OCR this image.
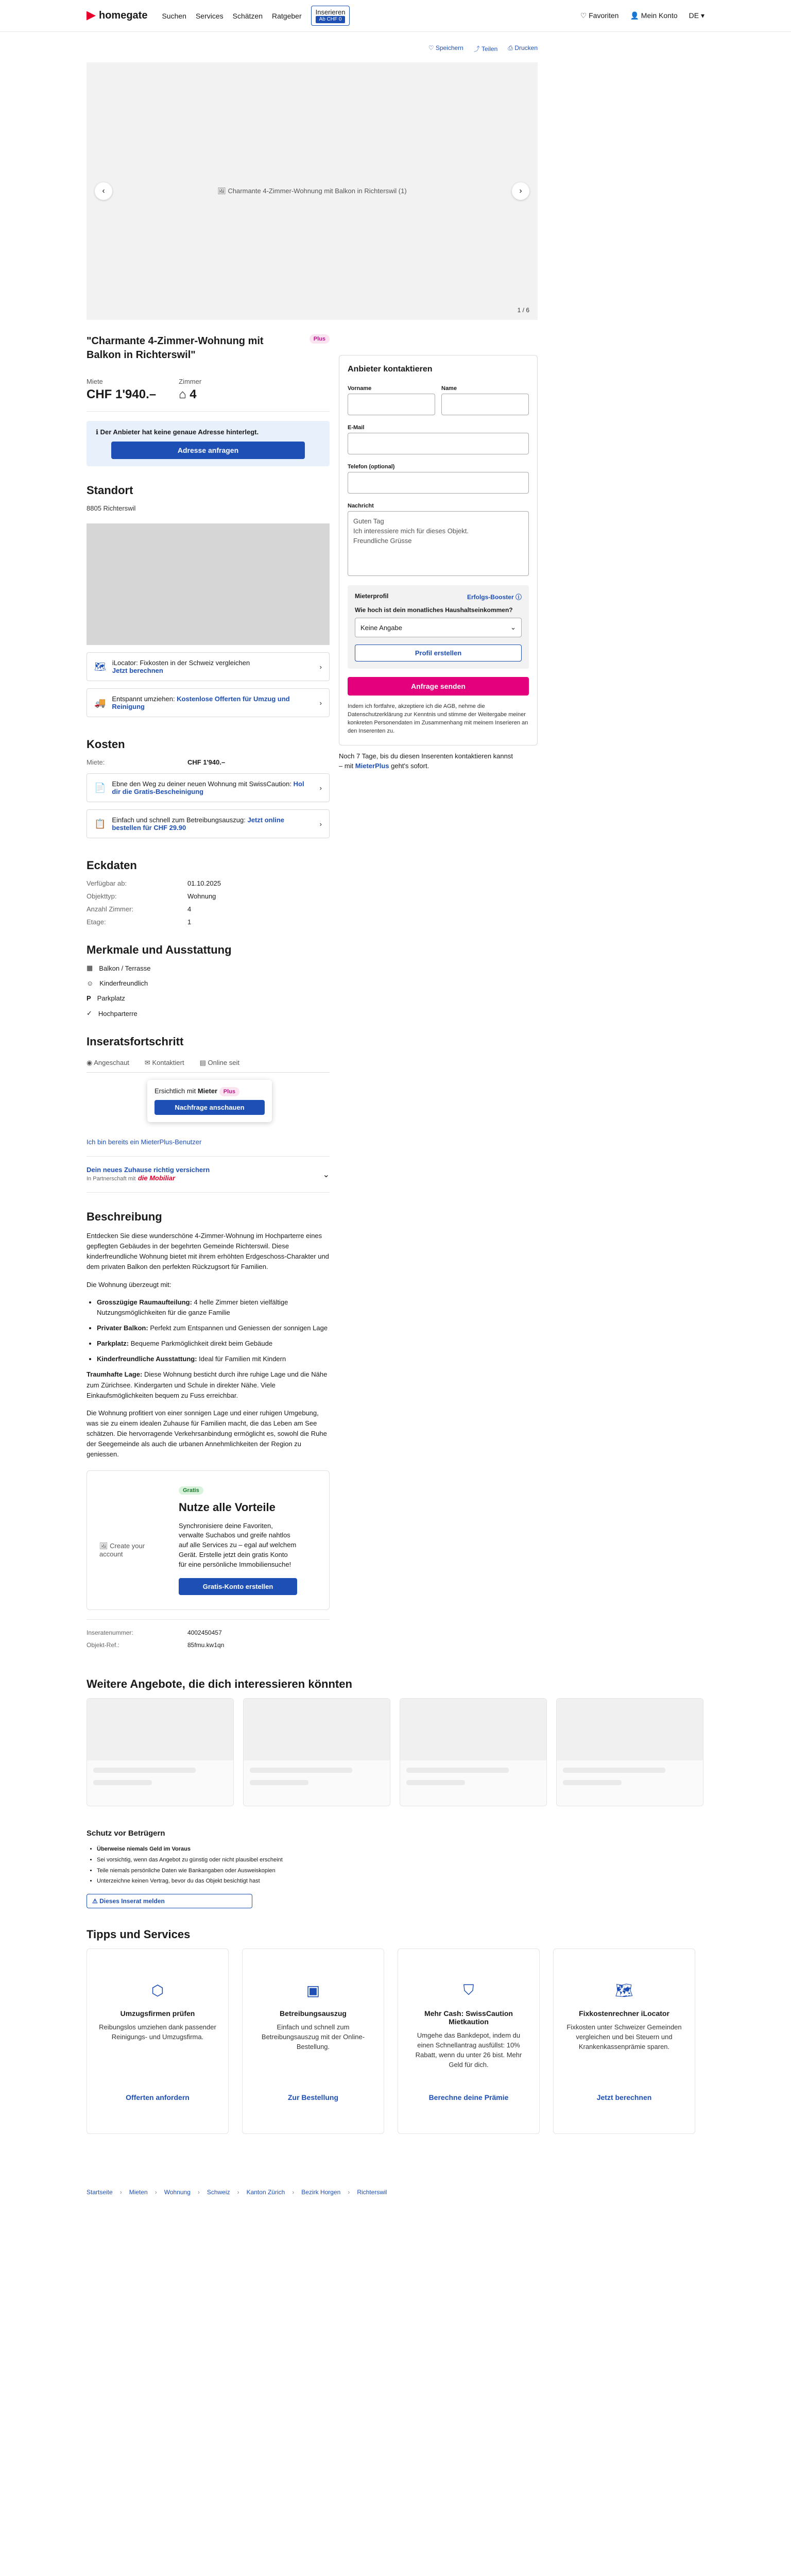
homegate Suchen Services Schätzen Ratgeber	Inserieren
Ab CHF 0	♡ Favoriten 👤 Mein Konto DE ▾
♡ Speichern ⤴ Teilen ⎙ Drucken
🖼 Charmante 4-Zimmer-Wohnung mit Balkon in Richterswil (1)
‹	›
1 / 6
"Charmante 4-Zimmer-Wohnung mit Balkon in Richterswil"
Plus
Miete
CHF 1'940.–
Zimmer
⌂ 4
ℹ Der Anbieter hat keine genaue Adresse hinterlegt.
Adresse anfragen
Standort
8805 Richterswil
🗺 iLocator: Fixkosten in der Schweiz vergleichen
Jetzt berechnen	›
🚚 Entspannt umziehen: Kostenlose Offerten für Umzug und Reinigung	›
Kosten
Miete:	CHF 1'940.–
📄 Ebne den Weg zu deiner neuen Wohnung mit SwissCaution: Hol dir die Gratis-Bescheinigung	›
📋 Einfach und schnell zum Betreibungsauszug: Jetzt online bestellen für CHF 29.90	›
Eckdaten
Verfügbar ab:	01.10.2025
Objekttyp:	Wohnung
Anzahl Zimmer:	4
Etage:	1
Merkmale und Ausstattung
▦ Balkon / Terrasse
☺ Kinderfreundlich
P Parkplatz
✓ Hochparterre
Inseratsfortschritt
◉ Angeschaut ✉ Kontaktiert ▤ Online seit
Ersichtlich mit Mieter Plus
Nachfrage anschauen
Ich bin bereits ein MieterPlus-Benutzer
Dein neues Zuhause richtig versichern
In Partnerschaft mit die Mobiliar	⌄
Beschreibung

Entdecken Sie diese wunderschöne 4-Zimmer-Wohnung im Hochparterre eines gepflegten Gebäudes in der begehrten Gemeinde Richterswil. Diese kinderfreundliche Wohnung bietet mit ihrem erhöhten Erdgeschoss-Charakter und dem privaten Balkon den perfekten Rückzugsort für Familien.

Die Wohnung überzeugt mit:

• Grosszügige Raumaufteilung: 4 helle Zimmer bieten vielfältige Nutzungsmöglichkeiten für die ganze Familie
• Privater Balkon: Perfekt zum Entspannen und Geniessen der sonnigen Lage
• Parkplatz: Bequeme Parkmöglichkeit direkt beim Gebäude
• Kinderfreundliche Ausstattung: Ideal für Familien mit Kindern

Traumhafte Lage: Diese Wohnung besticht durch ihre ruhige Lage und die Nähe zum Zürichsee. Kindergarten und Schule in direkter Nähe. Viele Einkaufsmöglichkeiten bequem zu Fuss erreichbar.

Die Wohnung profitiert von einer sonnigen Lage und einer ruhigen Umgebung, was sie zu einem idealen Zuhause für Familien macht, die das Leben am See schätzen. Die hervorragende Verkehrsanbindung ermöglicht es, sowohl die Ruhe der Seegemeinde als auch die urbanen Annehmlichkeiten der Region zu geniessen.

🖼 Create your account
Gratis
Nutze alle Vorteile

Synchronisiere deine Favoriten, verwalte Suchabos und greife nahtlos auf alle Services zu – egal auf welchem Gerät. Erstelle jetzt dein gratis Konto für eine persönliche Immobiliensuche!

Gratis-Konto erstellen
Inseratenummer:	4002450457
Objekt-Ref.:	85fmu.kw1qn
Anbieter kontaktieren
Vorname	Name
E-Mail
Telefon (optional)
Nachricht
Guten Tag
Ich interessiere mich für dieses Objekt.
Freundliche Grüsse
Mieterprofil	Erfolgs-Booster ⓘ
Wie hoch ist dein monatliches Haushaltseinkommen?
Keine Angabe	⌄
Profil erstellen
Anfrage senden

Indem ich fortfahre, akzeptiere ich die AGB, nehme die Datenschutzerklärung zur Kenntnis und stimme der Weitergabe meiner konkreten Personendaten im Zusammenhang mit meinem Inserieren an den Inserenten zu.

Noch 7 Tage, bis du diesen Inserenten kontaktieren kannst – mit MieterPlus geht's sofort.

Weitere Angebote, die dich interessieren könnten
Schutz vor Betrügern
• Überweise niemals Geld im Voraus
• Sei vorsichtig, wenn das Angebot zu günstig oder nicht plausibel erscheint
• Teile niemals persönliche Daten wie Bankangaben oder Ausweiskopien
• Unterzeichne keinen Vertrag, bevor du das Objekt besichtigt hast
⚠ Dieses Inserat melden
Tipps und Services
⬡
Umzugsfirmen prüfen

Reibungslos umziehen dank passender Reinigungs- und Umzugsfirma.

Offerten anfordern
▣
Betreibungsauszug

Einfach und schnell zum Betreibungsauszug mit der Online-Bestellung.

Zur Bestellung
⛉
Mehr Cash: SwissCaution Mietkaution

Umgehe das Bankdepot, indem du einen Schnellantrag ausfüllst: 10% Rabatt, wenn du unter 26 bist. Mehr Geld für dich.

Berechne deine Prämie
🗺
Fixkostenrechner iLocator

Fixkosten unter Schweizer Gemeinden vergleichen und bei Steuern und Krankenkassenprämie sparen.

Jetzt berechnen
Startseite › Mieten › Wohnung › Schweiz › Kanton Zürich › Bezirk Horgen › Richterswil
